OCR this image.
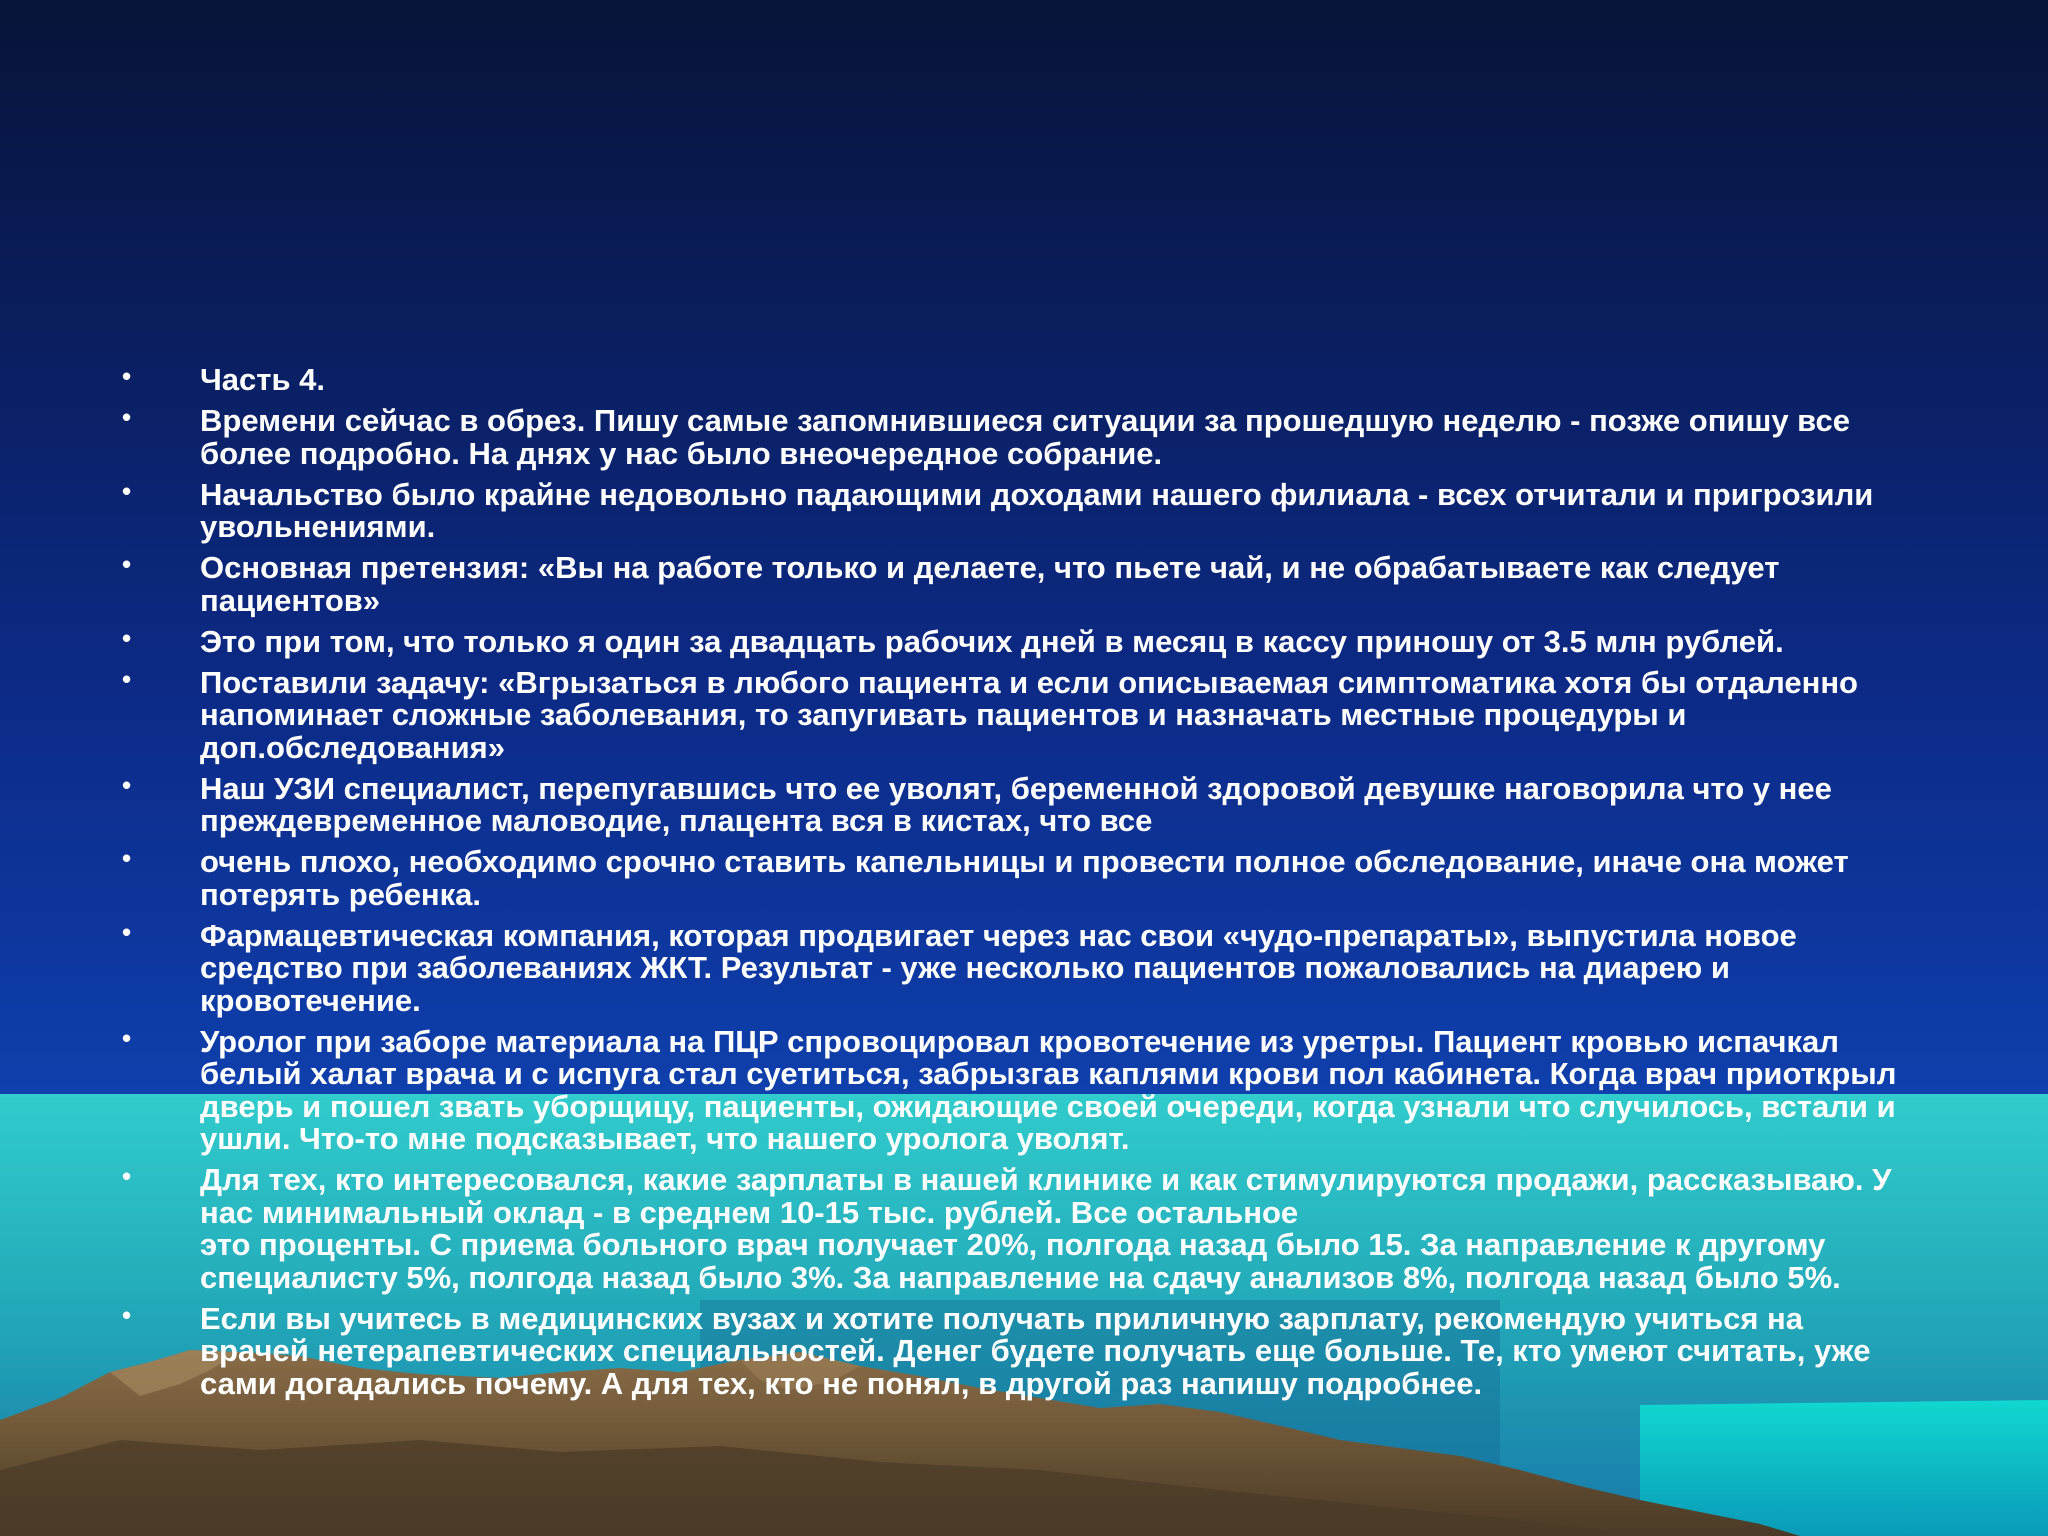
• Часть 4.
• Времени сейчас в обрез. Пишу самые запомнившиеся ситуации за прошедшую неделю - позже опишу все более подробно. На днях у нас было внеочередное собрание.
• Начальство было крайне недовольно падающими доходами нашего филиала - всех отчитали и пригрозили увольнениями.
• Основная претензия: «Вы на работе только и делаете, что пьете чай, и не обрабатываете как следует пациентов»
• Это при том, что только я один за двадцать рабочих дней в месяц в кассу приношу от 3.5 млн рублей.
• Поставили задачу: «Вгрызаться в любого пациента и если описываемая симптоматика хотя бы отдаленно напоминает сложные заболевания, то запугивать пациентов и назначать местные процедуры и доп.обследования»
• Наш УЗИ специалист, перепугавшись что ее уволят, беременной здоровой девушке наговорила что у нее преждевременное маловодие, плацента вся в кистах, что все
• очень плохо, необходимо срочно ставить капельницы и провести полное обследование, иначе она может потерять ребенка.
• Фармацевтическая компания, которая продвигает через нас свои «чудо-препараты», выпустила новое средство при заболеваниях ЖКТ. Результат - уже несколько пациентов пожаловались на диарею и кровотечение.
• Уролог при заборе материала на ПЦР спровоцировал кровотечение из уретры. Пациент кровью испачкал белый халат врача и с испуга стал суетиться, забрызгав каплями крови пол кабинета. Когда врач приоткрыл дверь и пошел звать уборщицу, пациенты, ожидающие своей очереди, когда узнали что случилось, встали и ушли. Что-то мне подсказывает, что нашего уролога уволят.
• Для тех, кто интересовался, какие зарплаты в нашей клинике и как стимулируются продажи, рассказываю. У нас минимальный оклад - в среднем 10-15 тыс. рублей. Все остальное
это проценты. С приема больного врач получает 20%, полгода назад было 15. За направление к другому специалисту 5%, полгода назад было 3%. За направление на сдачу анализов 8%, полгода назад было 5%.
• Если вы учитесь в медицинских вузах и хотите получать приличную зарплату, рекомендую учиться на врачей нетерапевтических специальностей. Денег будете получать еще больше. Те, кто умеют считать, уже сами догадались почему. А для тех, кто не понял, в другой раз напишу подробнее.
